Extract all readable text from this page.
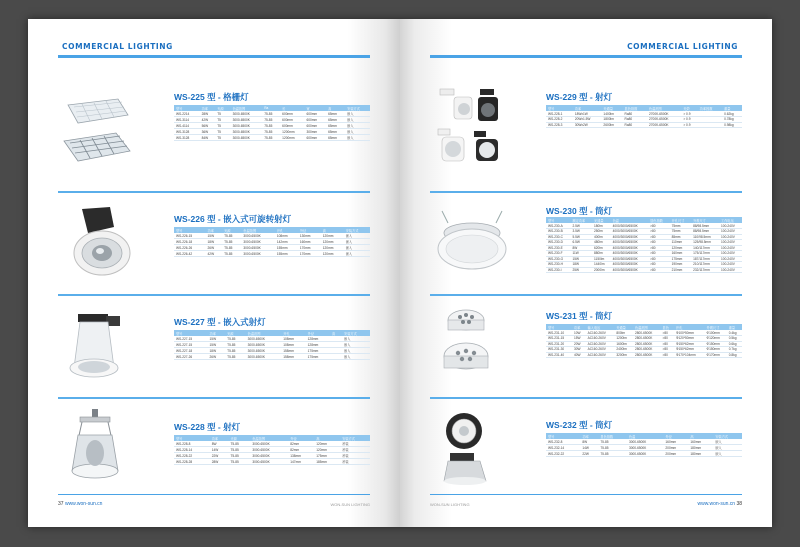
COMMERCIAL LIGHTING
WS-225 型 - 格栅灯
型号	功率	光源	色温范围	Ra	长	宽	高	安装方式
WS-2214	28W	T5	3000-6500K	75-85	600mm	600mm	65mm	嵌入
WS-3114	42W	T5	3000-6500K	75-85	600mm	600mm	65mm	嵌入
WS-4114	56W	T5	3000-6500K	75-85	600mm	600mm	65mm	嵌入
WS-3128	36W	T5	3000-6500K	75-85	1200mm	300mm	65mm	嵌入
WS-3128	84W	T5	3000-6500K	75-85	1200mm	600mm	65mm	嵌入
WS-226 型 - 嵌入式可旋转射灯
型号	功率	光源	色温范围	开孔	外径	高	安装方式
WS-226-15	15W	T5-85	3000-6500K	108mm	130mm	120mm	嵌入
WS-226-18	18W	T5-85	3000-6500K	142mm	160mm	120mm	嵌入
WS-226-26	26W	T5-85	3000-6500K	155mm	170mm	120mm	嵌入
WS-226-42	42W	T5-85	3000-6500K	155mm	170mm	120mm	嵌入
WS-227 型 - 嵌入式射灯
型号	功率	光源	色温范围	开孔	外径	高	安装方式
WS-227-15	15W	T5-85	3000-6500K	108mm	128mm		嵌入
WS-227-15	15W	T5-85	3000-6500K	108mm	128mm		嵌入
WS-227-18	18W	T5-85	3000-6500K	158mm	175mm		嵌入
WS-227-26	26W	T5-85	3000-6500K	158mm	175mm		嵌入
WS-228 型 - 射灯
型号	功率	光源	色温范围	外径	高	安装方式
WS-228-8	8W	T5-85	3000-6500K	82mm	120mm	吊装
WS-228-14	14W	T5-85	3000-6500K	82mm	120mm	吊装
WS-228-22	22W	T5-85	3000-6500K	138mm	175mm	吊装
WS-228-28	28W	T5-85	3000-6500K	147mm	185mm	吊装
37 www.won-sun.cn	WON-SUN LIGHTING
COMMERCIAL LIGHTING
WS-229 型 - 射灯
型号	功率	光通量	显色指数	色温范围	光效	功率因数	重量
WS-228-1	18Wx1W	1400lm	Ra80	2700K-6500K	> 0.9		0.62kg
WS-228-2	20Wx1.5W	1800lm	Ra80	2700K-6500K	> 0.9		0.78kg
WS-228-3	30Wx2W	2600lm	Ra80	2700K-6500K	> 0.9		0.98kg
WS-230 型 - 筒灯
型号	额定功率	光通量	色温	显色指数	开孔尺寸	外观尺寸	工作电压
WS-230-A	2.5W	180lm	4000/3000/6500K	>80	75mm	88/98.5mm	100-240V
WS-230-B	3.5W	250lm	4000/3000/6500K	>80	75mm	88/98.5mm	100-240V
WS-230-C	5.5W	400lm	4000/3000/6500K	>80	85mm	110/98.5mm	100-240V
WS-230-D	6.5W	480lm	4000/3000/6500K	>80	110mm	125/98.5mm	100-240V
WS-230-E	8W	620lm	4000/3000/6500K	>80	120mm	140/117mm	100-240V
WS-230-F	11W	880lm	4000/3000/6500K	>80	160mm	175/117mm	100-240V
WS-230-G	15W	1150lm	4000/3000/6500K	>80	175mm	187/117mm	100-240V
WS-230-H	18W	1440lm	4000/3000/6500K	>80	190mm	210/117mm	100-240V
WS-230-I	25W	2000lm	4000/3000/6500K	>80	210mm	232/117mm	100-240V
WS-231 型 - 筒灯
型号	功率	输入电压	光通量	色温范围	显色	开孔	外观尺寸	重量
WS-231-10	10W	AC160-260V	800lm	2800-6500K	>80	Φ100*50mm	Φ100mm	0.4kg
WS-231-15	15W	AC160-260V	1200lm	2800-6500K	>80	Φ120*50mm	Φ120mm	0.5kg
WS-231-20	20W	AC160-260V	1600lm	2800-6500K	>80	Φ150*62mm	Φ150mm	0.6kg
WS-231-30	30W	AC160-260V	2400lm	2800-6500K	>80	Φ150*62mm	Φ150mm	0.7kg
WS-231-40	40W	AC160-260V	3200lm	2800-6500K	>80	Φ170*104mm	Φ170mm	0.8kg
WS-232 型 - 筒灯
型号	功率	显色指数	色温	外径	高	安装方式
WS-232-8	8W	75-85	3000-6500K	160mm	160mm	嵌入
WS-232-14	14W	75-85	3000-6500K	200mm	180mm	嵌入
WS-232-22	22W	75-85	3000-6500K	200mm	180mm	嵌入
WON-SUN LIGHTING	www.won-sun.cn 38
